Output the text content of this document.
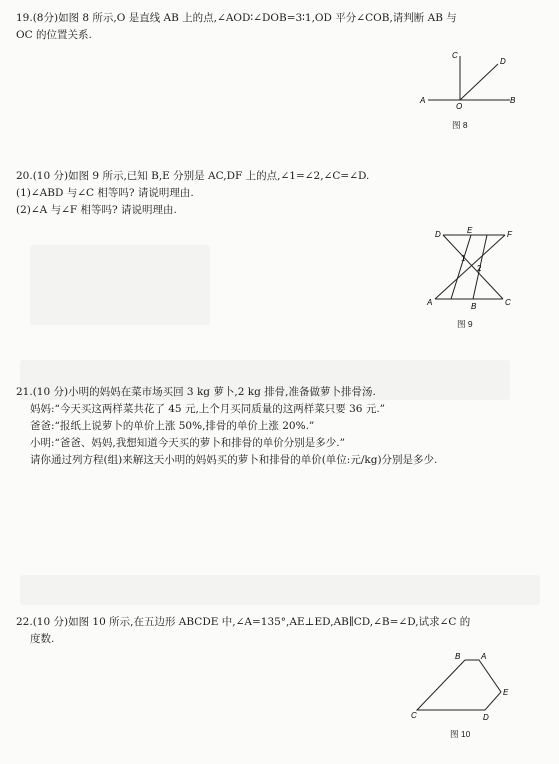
19.(8分)如图 8 所示,O 是直线 AB 上的点,∠AOD∶∠DOB=3∶1,OD 平分∠COB,请判断 AB 与
OC 的位置关系.
A	B
C
D
O
图 8
20.(10 分)如图 9 所示,已知 B,E 分别是 AC,DF 上的点,∠1=∠2,∠C=∠D.
(1)∠ABD 与∠C 相等吗? 请说明理由.
(2)∠A 与∠F 相等吗? 请说明理由.
D	E	F
A	B	C
1
2
图 9
21.(10 分)小明的妈妈在菜市场买回 3 kg 萝卜,2 kg 排骨,准备做萝卜排骨汤.
妈妈:“今天买这两样菜共花了 45 元,上个月买同质量的这两样菜只要 36 元.”
爸爸:“报纸上说萝卜的单价上涨 50%,排骨的单价上涨 20%.”
小明:“爸爸、妈妈,我想知道今天买的萝卜和排骨的单价分别是多少.”
请你通过列方程(组)来解这天小明的妈妈买的萝卜和排骨的单价(单位:元/kg)分别是多少.
22.(10 分)如图 10 所示,在五边形 ABCDE 中,∠A=135°,AE⊥ED,AB∥CD,∠B=∠D,试求∠C 的
度数.
B	A
E
D
C
图 10
